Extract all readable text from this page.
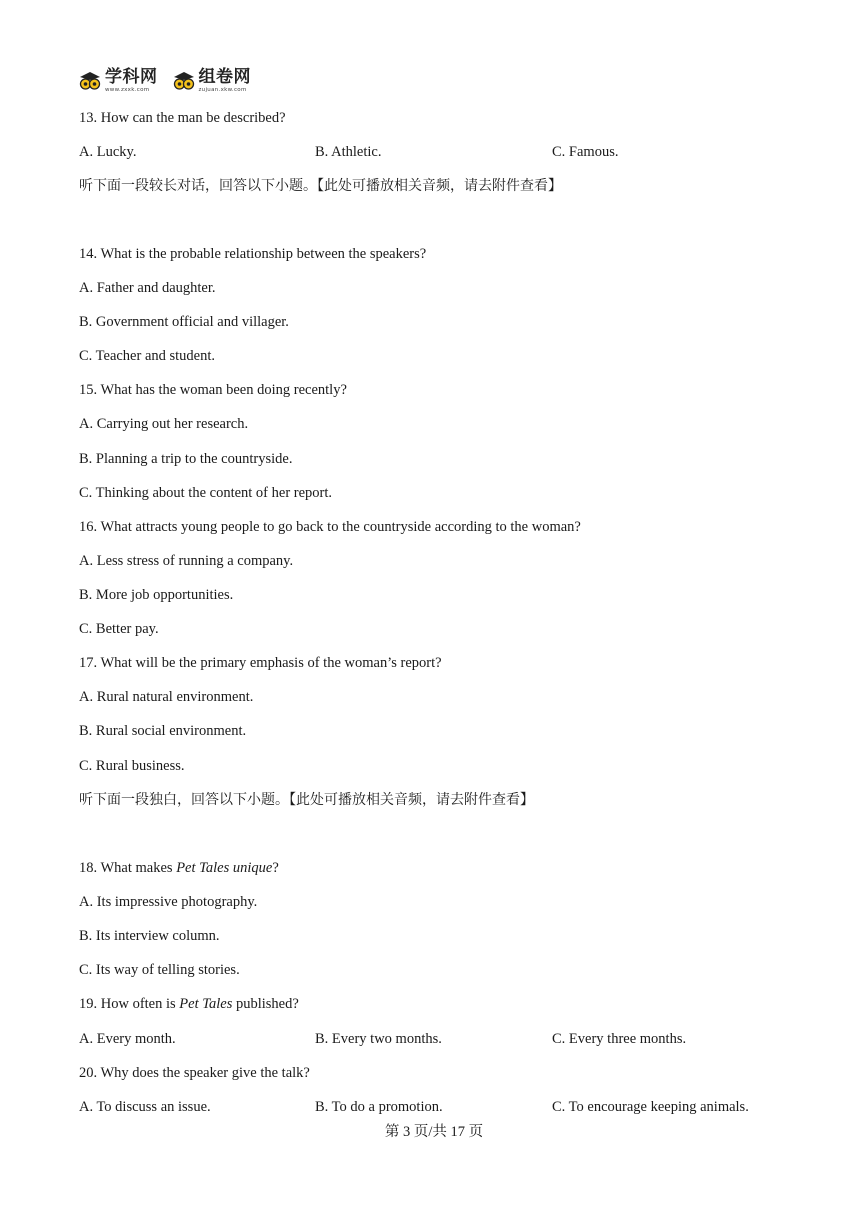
学科网
www.zxxk.com
组卷网
zujuan.xkw.com
13. How can the man be described?
A. Lucky.	B. Athletic.	C. Famous.
听下面一段较长对话，回答以下小题。【此处可播放相关音频，请去附件查看】
14. What is the probable relationship between the speakers?
A. Father and daughter.
B. Government official and villager.
C. Teacher and student.
15. What has the woman been doing recently?
A. Carrying out her research.
B. Planning a trip to the countryside.
C. Thinking about the content of her report.
16. What attracts young people to go back to the countryside according to the woman?
A. Less stress of running a company.
B. More job opportunities.
C. Better pay.
17. What will be the primary emphasis of the woman’s report?
A. Rural natural environment.
B. Rural social environment.
C. Rural business.
听下面一段独白，回答以下小题。【此处可播放相关音频，请去附件查看】
18. What makes Pet Tales unique?
A. Its impressive photography.
B. Its interview column.
C. Its way of telling stories.
19. How often is Pet Tales published?
A. Every month.	B. Every two months.	C. Every three months.
20. Why does the speaker give the talk?
A. To discuss an issue.	B. To do a promotion.	C. To encourage keeping animals.
第 3 页/共 17 页
